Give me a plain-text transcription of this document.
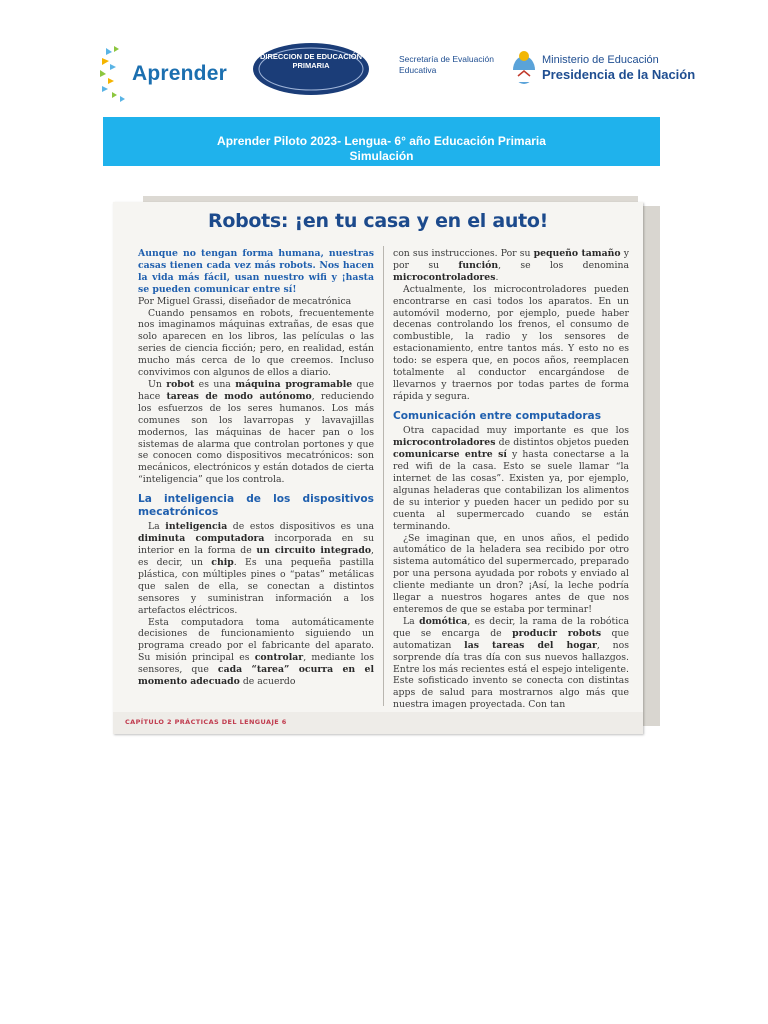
Aprender
DIRECCION DE EDUCACIÓN PRIMARIA
Secretaría de Evaluación Educativa
Ministerio de Educación
Presidencia de la Nación
Aprender Piloto 2023- Lengua- 6° año Educación Primaria
Simulación
Robots: ¡en tu casa y en el auto!

Aunque no tengan forma humana, nuestras casas tienen cada vez más robots. Nos hacen la vida más fácil, usan nuestro wifi y ¡hasta se pueden comunicar entre sí!

Por Miguel Grassi, diseñador de mecatrónica

Cuando pensamos en robots, frecuentemente nos imaginamos máquinas extrañas, de esas que solo aparecen en los libros, las películas o las series de ciencia ficción; pero, en realidad, están mucho más cerca de lo que creemos. Incluso convivimos con algunos de ellos a diario.

Un robot es una máquina programable que hace tareas de modo autónomo, reduciendo los esfuerzos de los seres humanos. Los más comunes son los lavarropas y lavavajillas modernos, las máquinas de hacer pan o los sistemas de alarma que controlan portones y que se conocen como dispositivos mecatrónicos: son mecánicos, electrónicos y están dotados de cierta “inteligencia” que los controla.

La inteligencia de los dispositivos mecatrónicos

La inteligencia de estos dispositivos es una diminuta computadora incorporada en su interior en la forma de un circuito integrado, es decir, un chip. Es una pequeña pastilla plástica, con múltiples pines o “patas” metálicas que salen de ella, se conectan a distintos sensores y suministran información a los artefactos eléctricos.

Esta computadora toma automáticamente decisiones de funcionamiento siguiendo un programa creado por el fabricante del aparato. Su misión principal es controlar, mediante los sensores, que cada “tarea” ocurra en el momento adecuado de acuerdo

con sus instrucciones. Por su pequeño tamaño y por su función, se los denomina microcontroladores.

Actualmente, los microcontroladores pueden encontrarse en casi todos los aparatos. En un automóvil moderno, por ejemplo, puede haber decenas controlando los frenos, el consumo de combustible, la radio y los sensores de estacionamiento, entre tantos más. Y esto no es todo: se espera que, en pocos años, reemplacen totalmente al conductor encargándose de llevarnos y traernos por todas partes de forma rápida y segura.

Comunicación entre computadoras

Otra capacidad muy importante es que los microcontroladores de distintos objetos pueden comunicarse entre sí y hasta conectarse a la red wifi de la casa. Esto se suele llamar “la internet de las cosas”. Existen ya, por ejemplo, algunas heladeras que contabilizan los alimentos de su interior y pueden hacer un pedido por su cuenta al supermercado cuando se están terminando.

¿Se imaginan que, en unos años, el pedido automático de la heladera sea recibido por otro sistema automático del supermercado, preparado por una persona ayudada por robots y enviado al cliente mediante un dron? ¡Así, la leche podría llegar a nuestros hogares antes de que nos enteremos de que se estaba por terminar!

La domótica, es decir, la rama de la robótica que se encarga de producir robots que automatizan las tareas del hogar, nos sorprende día tras día con sus nuevos hallazgos. Entre los más recientes está el espejo inteligente. Este sofisticado invento se conecta con distintas apps de salud para mostrarnos algo más que nuestra imagen proyectada. Con tan

CAPÍTULO 2 PRÁCTICAS DEL LENGUAJE 6
